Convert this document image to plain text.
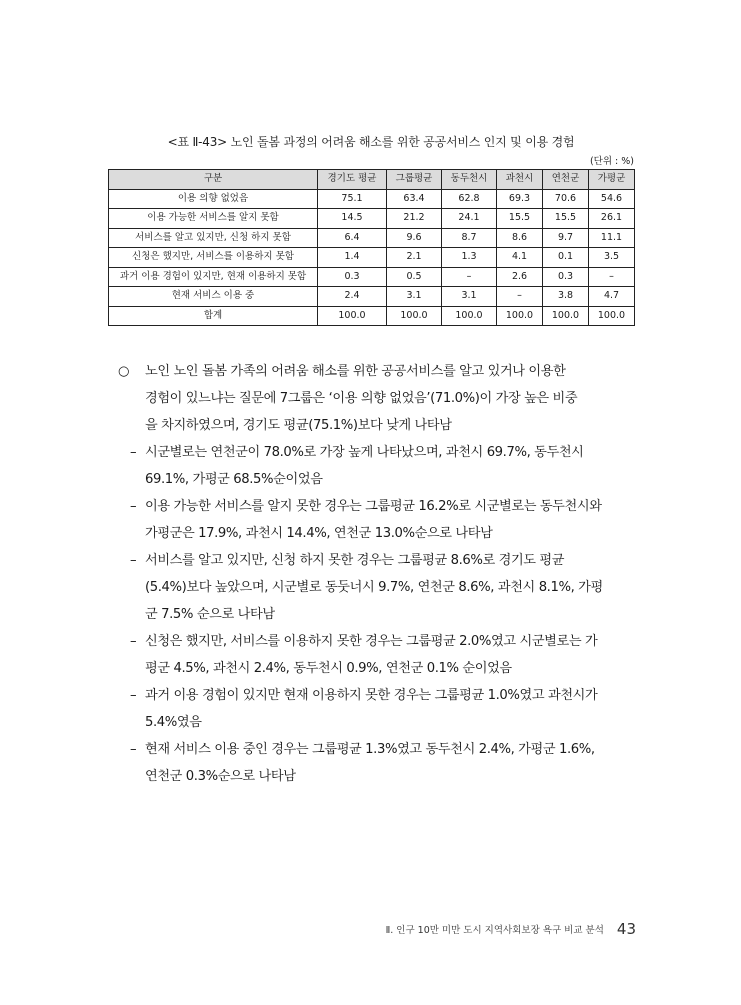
<표 Ⅱ-43> 노인 돌봄 과정의 어려움 해소를 위한 공공서비스 인지 및 이용 경험
(단위 : %)
구분	경기도 평균	그룹평균	동두천시	과천시	연천군	가평군
이용 의향 없었음	75.1	63.4	62.8	69.3	70.6	54.6
이용 가능한 서비스를 알지 못함	14.5	21.2	24.1	15.5	15.5	26.1
서비스를 알고 있지만, 신청 하지 못함	6.4	9.6	8.7	8.6	9.7	11.1
신청은 했지만, 서비스를 이용하지 못함	1.4	2.1	1.3	4.1	0.1	3.5
과거 이용 경험이 있지만, 현재 이용하지 못함	0.3	0.5	–	2.6	0.3	–
현재 서비스 이용 중	2.4	3.1	3.1	–	3.8	4.7
합계	100.0	100.0	100.0	100.0	100.0	100.0
○	노인 노인 돌봄 가족의 어려움 해소를 위한 공공서비스를 알고 있거나 이용한
경험이 있느냐는 질문에 7그룹은 ‘이용 의향 없었음’(71.0%)이 가장 높은 비중
을 차지하였으며, 경기도 평균(75.1%)보다 낮게 나타남
– 시군별로는 연천군이 78.0%로 가장 높게 나타났으며, 과천시 69.7%, 동두천시
69.1%, 가평군 68.5%순이었음
– 이용 가능한 서비스를 알지 못한 경우는 그룹평균 16.2%로 시군별로는 동두천시와
가평군은 17.9%, 과천시 14.4%, 연천군 13.0%순으로 나타남
– 서비스를 알고 있지만, 신청 하지 못한 경우는 그룹평균 8.6%로 경기도 평균
(5.4%)보다 높았으며, 시군별로 동둣너시 9.7%, 연천군 8.6%, 과천시 8.1%, 가평
군 7.5% 순으로 나타남
– 신청은 했지만, 서비스를 이용하지 못한 경우는 그룹평균 2.0%였고 시군별로는 가
평군 4.5%, 과천시 2.4%, 동두천시 0.9%, 연천군 0.1% 순이었음
– 과거 이용 경험이 있지만 현재 이용하지 못한 경우는 그룹평균 1.0%였고 과천시가
5.4%였음
– 현재 서비스 이용 중인 경우는 그룹평균 1.3%였고 동두천시 2.4%, 가평군 1.6%,
연천군 0.3%순으로 나타남
Ⅱ. 인구 10만 미만 도시 지역사회보장 욕구 비교 분석 43
